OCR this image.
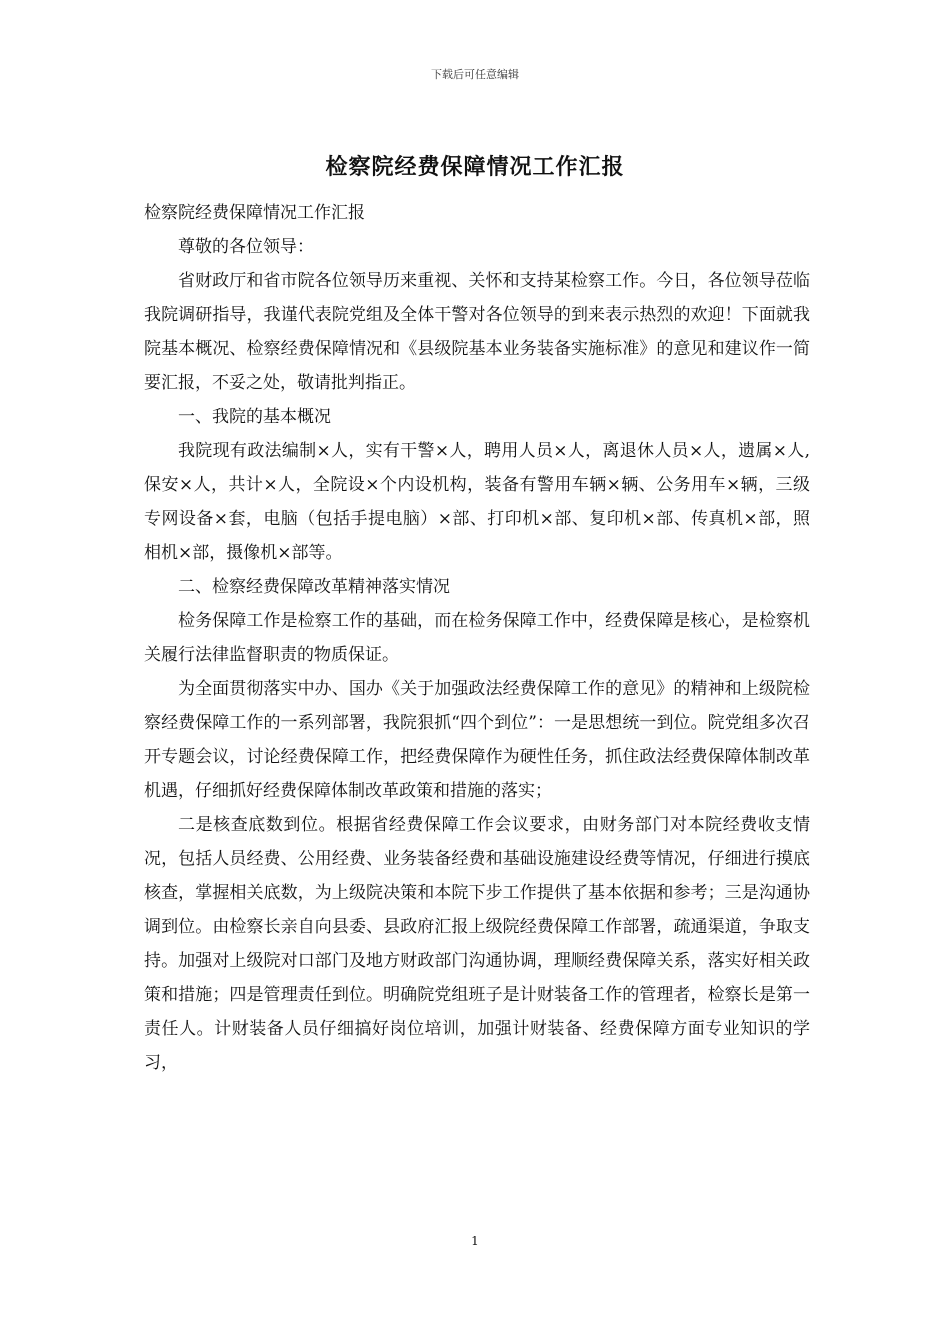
下载后可任意编辑
检察院经费保障情况工作汇报

检察院经费保障情况工作汇报

尊敬的各位领导：

省财政厅和省市院各位领导历来重视、关怀和支持某检察工作。今日，各位领导莅临我院调研指导，我谨代表院党组及全体干警对各位领导的到来表示热烈的欢迎！下面就我院基本概况、检察经费保障情况和《县级院基本业务装备实施标准》的意见和建议作一简要汇报，不妥之处，敬请批判指正。

一、我院的基本概况

我院现有政法编制×人，实有干警×人，聘用人员×人，离退休人员×人，遗属×人,保安×人，共计×人，全院设×个内设机构，装备有警用车辆×辆、公务用车×辆，三级专网设备×套，电脑（包括手提电脑）×部、打印机×部、复印机×部、传真机×部，照相机×部，摄像机×部等。

二、检察经费保障改革精神落实情况

检务保障工作是检察工作的基础，而在检务保障工作中，经费保障是核心，是检察机关履行法律监督职责的物质保证。

为全面贯彻落实中办、国办《关于加强政法经费保障工作的意见》的精神和上级院检察经费保障工作的一系列部署，我院狠抓“四个到位”：一是思想统一到位。院党组多次召开专题会议，讨论经费保障工作，把经费保障作为硬性任务，抓住政法经费保障体制改革机遇，仔细抓好经费保障体制改革政策和措施的落实；

二是核查底数到位。根据省经费保障工作会议要求，由财务部门对本院经费收支情况，包括人员经费、公用经费、业务装备经费和基础设施建设经费等情况，仔细进行摸底核查，掌握相关底数，为上级院决策和本院下步工作提供了基本依据和参考；三是沟通协调到位。由检察长亲自向县委、县政府汇报上级院经费保障工作部署，疏通渠道，争取支持。加强对上级院对口部门及地方财政部门沟通协调，理顺经费保障关系，落实好相关政策和措施；四是管理责任到位。明确院党组班子是计财装备工作的管理者，检察长是第一责任人。计财装备人员仔细搞好岗位培训，加强计财装备、经费保障方面专业知识的学习，

1
